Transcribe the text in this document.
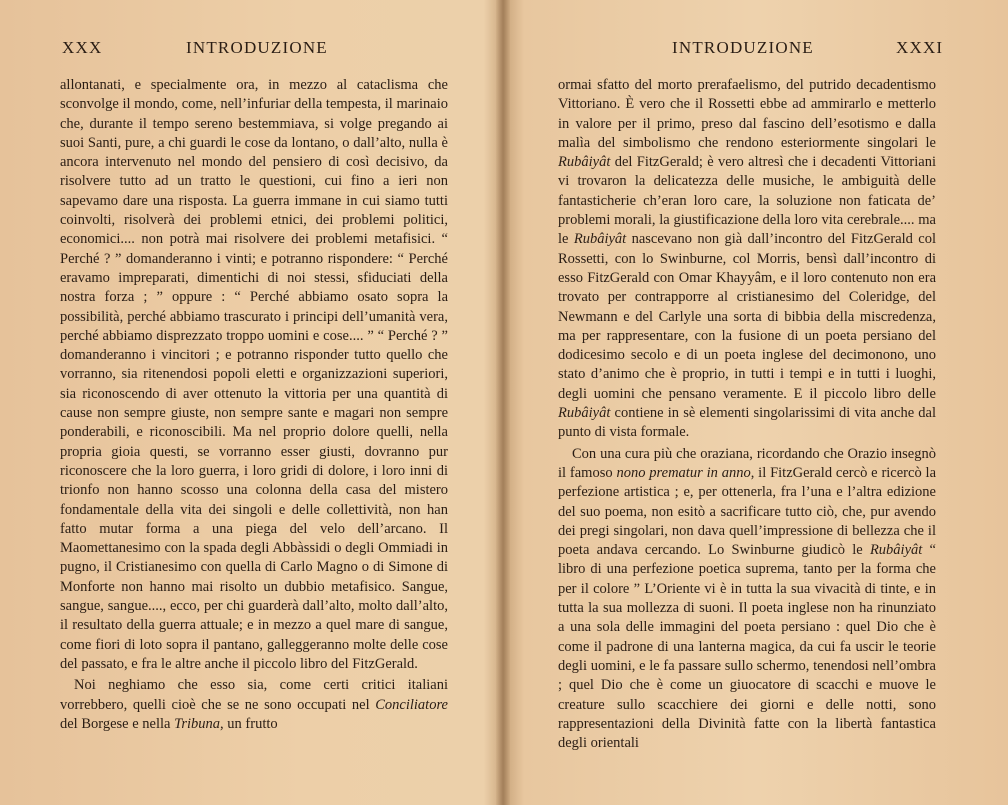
XXX	INTRODUZIONE

allontanati, e specialmente ora, in mezzo al cataclisma che sconvolge il mondo, come, nell’infuriar della tempesta, il marinaio che, durante il tempo sereno bestemmiava, si volge pregando ai suoi Santi, pure, a chi guardi le cose da lontano, o dall’alto, nulla è ancora intervenuto nel mondo del pensiero di così decisivo, da risolvere tutto ad un tratto le questioni, cui fino a ieri non sapevamo dare una risposta. La guerra immane in cui siamo tutti coinvolti, risolverà dei problemi etnici, dei problemi politici, economici.... non potrà mai risolvere dei problemi metafisici. “ Perché ? ” domanderanno i vinti; e potranno rispondere: “ Perché eravamo impreparati, dimentichi di noi stessi, sfiduciati della nostra forza ; ” oppure : “ Perché abbiamo osato sopra la possibilità, perché abbiamo trascurato i principi dell’umanità vera, perché abbiamo disprezzato troppo uomini e cose.... ” “ Perché ? ” domanderanno i vincitori ; e potranno risponder tutto quello che vorranno, sia ritenendosi popoli eletti e organizzazioni superiori, sia riconoscendo di aver ottenuto la vittoria per una quantità di cause non sempre giuste, non sempre sante e magari non sempre ponderabili, e riconoscibili. Ma nel proprio dolore quelli, nella propria gioia questi, se vorranno esser giusti, dovranno pur riconoscere che la loro guerra, i loro gridi di dolore, i loro inni di trionfo non hanno scosso una colonna della casa del mistero fondamentale della vita dei singoli e delle collettività, non han fatto mutar forma a una piega del velo dell’arcano. Il Maomettanesimo con la spada degli Abbàssidi o degli Ommiadi in pugno, il Cristianesimo con quella di Carlo Magno o di Simone di Monforte non hanno mai risolto un dubbio metafisico. Sangue, sangue, sangue...., ecco, per chi guarderà dall’alto, molto dall’alto, il resultato della guerra attuale; e in mezzo a quel mare di sangue, come fiori di loto sopra il pantano, galleggeranno molte delle cose del passato, e fra le altre anche il piccolo libro del FitzGerald.

Noi neghiamo che esso sia, come certi critici italiani vorrebbero, quelli cioè che se ne sono occupati nel Conciliatore del Borgese e nella Tribuna, un frutto

INTRODUZIONE	XXXI

ormai sfatto del morto prerafaelismo, del putrido decadentismo Vittoriano. È vero che il Rossetti ebbe ad ammirarlo e metterlo in valore per il primo, preso dal fascino dell’esotismo e dalla malìa del simbolismo che rendono esteriormente singolari le Rubâiyât del FitzGerald; è vero altresì che i decadenti Vittoriani vi trovaron la delicatezza delle musiche, le ambiguità delle fantasticherie ch’eran loro care, la soluzione non faticata de’ problemi morali, la giustificazione della loro vita cerebrale.... ma le Rubâiyât nascevano non già dall’incontro del FitzGerald col Rossetti, con lo Swinburne, col Morris, bensì dall’incontro di esso FitzGerald con Omar Khayyâm, e il loro contenuto non era trovato per contrapporre al cristianesimo del Coleridge, del Newmann e del Carlyle una sorta di bibbia della miscredenza, ma per rappresentare, con la fusione di un poeta persiano del dodicesimo secolo e di un poeta inglese del decimonono, uno stato d’animo che è proprio, in tutti i tempi e in tutti i luoghi, degli uomini che pensano veramente. E il piccolo libro delle Rubâiyât contiene in sè elementi singolarissimi di vita anche dal punto di vista formale.

Con una cura più che oraziana, ricordando che Orazio insegnò il famoso nono prematur in anno, il FitzGerald cercò e ricercò la perfezione artistica ; e, per ottenerla, fra l’una e l’altra edizione del suo poema, non esitò a sacrificare tutto ciò, che, pur avendo dei pregi singolari, non dava quell’impressione di bellezza che il poeta andava cercando. Lo Swinburne giudicò le Rubâiyât “ libro di una perfezione poetica suprema, tanto per la forma che per il colore ” L’Oriente vi è in tutta la sua vivacità di tinte, e in tutta la sua mollezza di suoni. Il poeta inglese non ha rinunziato a una sola delle immagini del poeta persiano : quel Dio che è come il padrone di una lanterna magica, da cui fa uscir le teorie degli uomini, e le fa passare sullo schermo, tenendosi nell’ombra ; quel Dio che è come un giuocatore di scacchi e muove le creature sullo scacchiere dei giorni e delle notti, sono rappresentazioni della Divinità fatte con la libertà fantastica degli orientali
